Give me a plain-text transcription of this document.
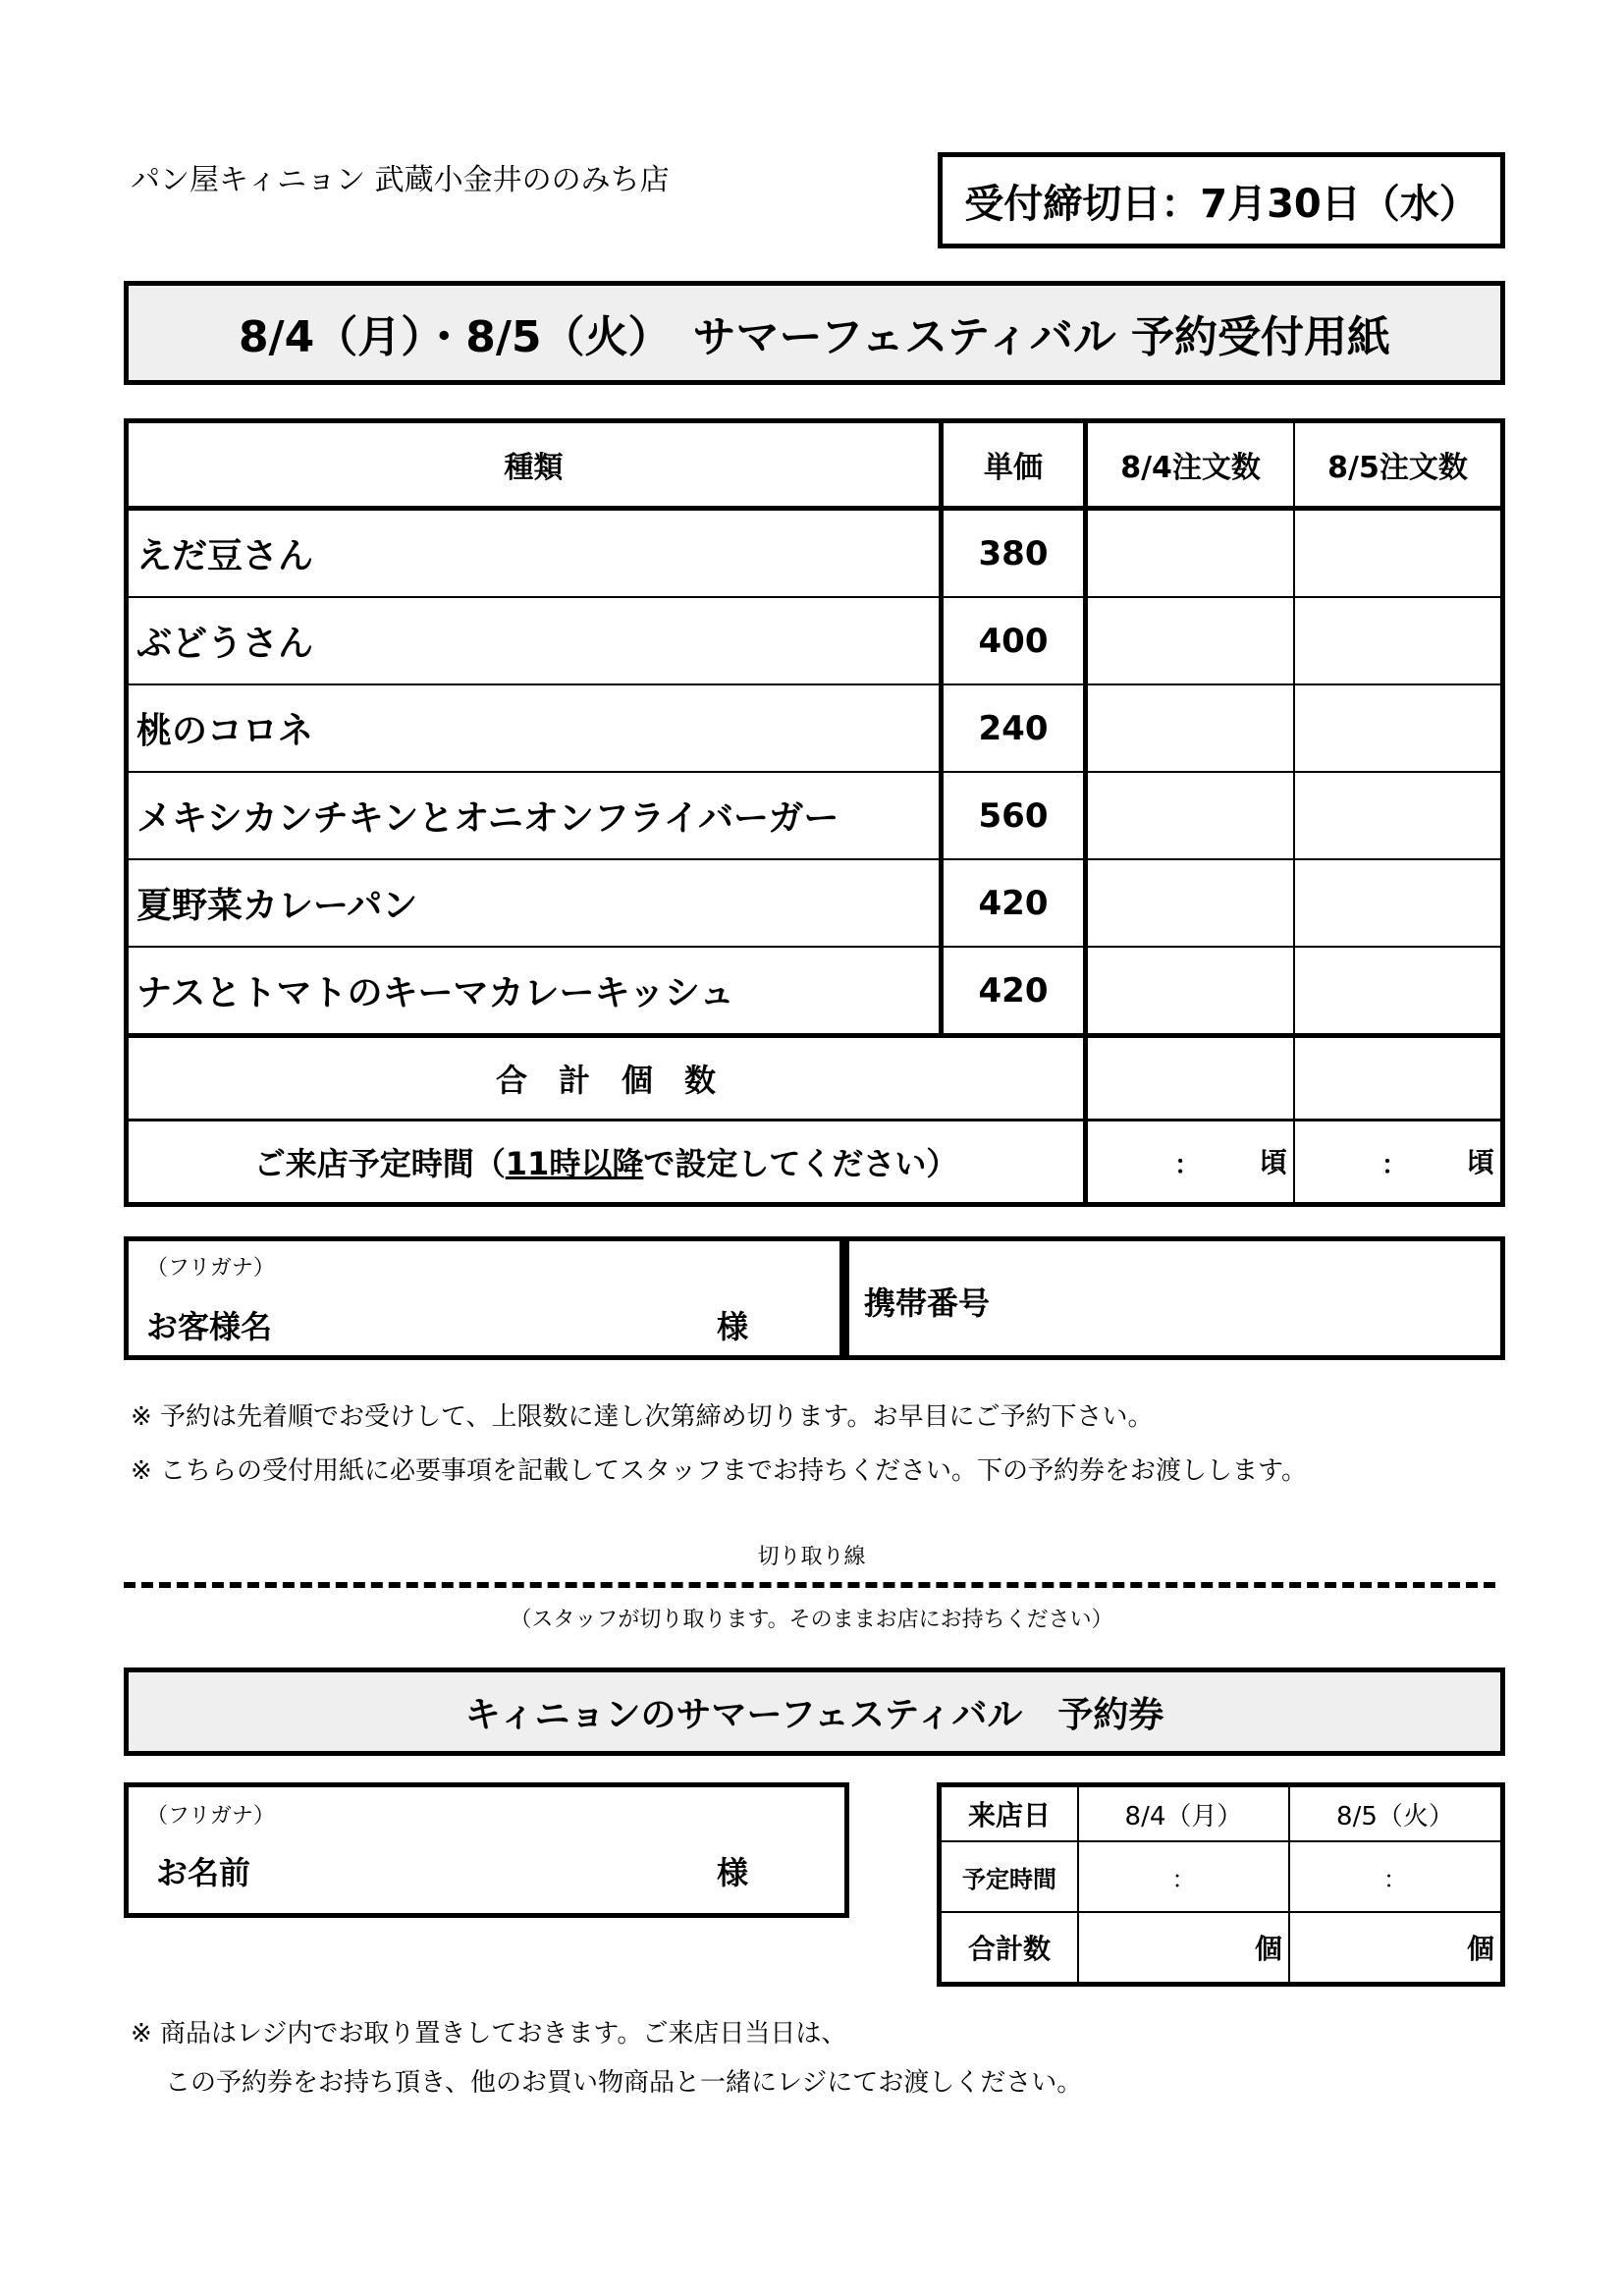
パン屋キィニョン 武蔵小金井ののみち店
受付締切日：7月30日（水）
8/4（月）・8/5（火）　サマーフェスティバル 予約受付用紙
種類	単価	8/4注文数	8/5注文数
えだ豆さん	380		
ぶどうさん	400		
桃のコロネ	240		
メキシカンチキンとオニオンフライバーガー	560		
夏野菜カレーパン	420		
ナスとトマトのキーマカレーキッシュ	420		
合　計　個　数			
ご来店予定時間（11時以降で設定してください）		： 頃	： 頃
（フリガナ）
お客様名	様
携帯番号
※ 予約は先着順でお受けして、上限数に達し次第締め切ります。お早目にご予約下さい。
※ こちらの受付用紙に必要事項を記載してスタッフまでお持ちください。下の予約券をお渡しします。
切り取り線
（スタッフが切り取ります。そのままお店にお持ちください）
キィニョンのサマーフェスティバル　予約券
（フリガナ）
お名前	様
来店日	8/4（月）	8/5（火）
予定時間	：	：
合計数	個	個
※ 商品はレジ内でお取り置きしておきます。ご来店日当日は、
この予約券をお持ち頂き、他のお買い物商品と一緒にレジにてお渡しください。
